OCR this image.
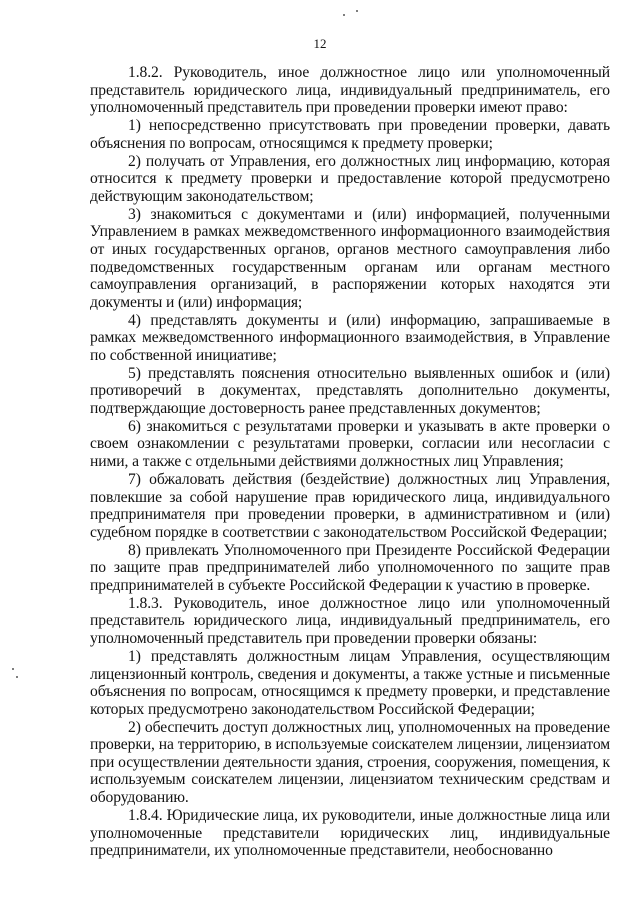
12

1.8.2. Руководитель, иное должностное лицо или уполномоченный представитель юридического лица, индивидуальный предприниматель, его уполномоченный представитель при проведении проверки имеют право:

1) непосредственно присутствовать при проведении проверки, давать объяснения по вопросам, относящимся к предмету проверки;

2) получать от Управления, его должностных лиц информацию, которая относится к предмету проверки и предоставление которой предусмотрено действующим законодательством;

3) знакомиться с документами и (или) информацией, полученными Управлением в рамках межведомственного информационного взаимодействия от иных государственных органов, органов местного самоуправления либо подведомственных государственным органам или органам местного самоуправления организаций, в распоряжении которых находятся эти документы и (или) информация;

4) представлять документы и (или) информацию, запрашиваемые в рамках межведомственного информационного взаимодействия, в Управление по собственной инициативе;

5) представлять пояснения относительно выявленных ошибок и (или) противоречий в документах, представлять дополнительно документы, подтверждающие достоверность ранее представленных документов;

6) знакомиться с результатами проверки и указывать в акте проверки о своем ознакомлении с результатами проверки, согласии или несогласии с ними, а также с отдельными действиями должностных лиц Управления;

7) обжаловать действия (бездействие) должностных лиц Управления, повлекшие за собой нарушение прав юридического лица, индивидуального предпринимателя при проведении проверки, в административном и (или) судебном порядке в соответствии с законодательством Российской Федерации;

8) привлекать Уполномоченного при Президенте Российской Федерации по защите прав предпринимателей либо уполномоченного по защите прав предпринимателей в субъекте Российской Федерации к участию в проверке.

1.8.3. Руководитель, иное должностное лицо или уполномоченный представитель юридического лица, индивидуальный предприниматель, его уполномоченный представитель при проведении проверки обязаны:

1) представлять должностным лицам Управления, осуществляющим лицензионный контроль, сведения и документы, а также устные и письменные объяснения по вопросам, относящимся к предмету проверки, и представление которых предусмотрено законодательством Российской Федерации;

2) обеспечить доступ должностных лиц, уполномоченных на проведение проверки, на территорию, в используемые соискателем лицензии, лицензиатом при осуществлении деятельности здания, строения, сооружения, помещения, к используемым соискателем лицензии, лицензиатом техническим средствам и оборудованию.

1.8.4. Юридические лица, их руководители, иные должностные лица или уполномоченные представители юридических лиц, индивидуальные предприниматели, их уполномоченные представители, необоснованно
